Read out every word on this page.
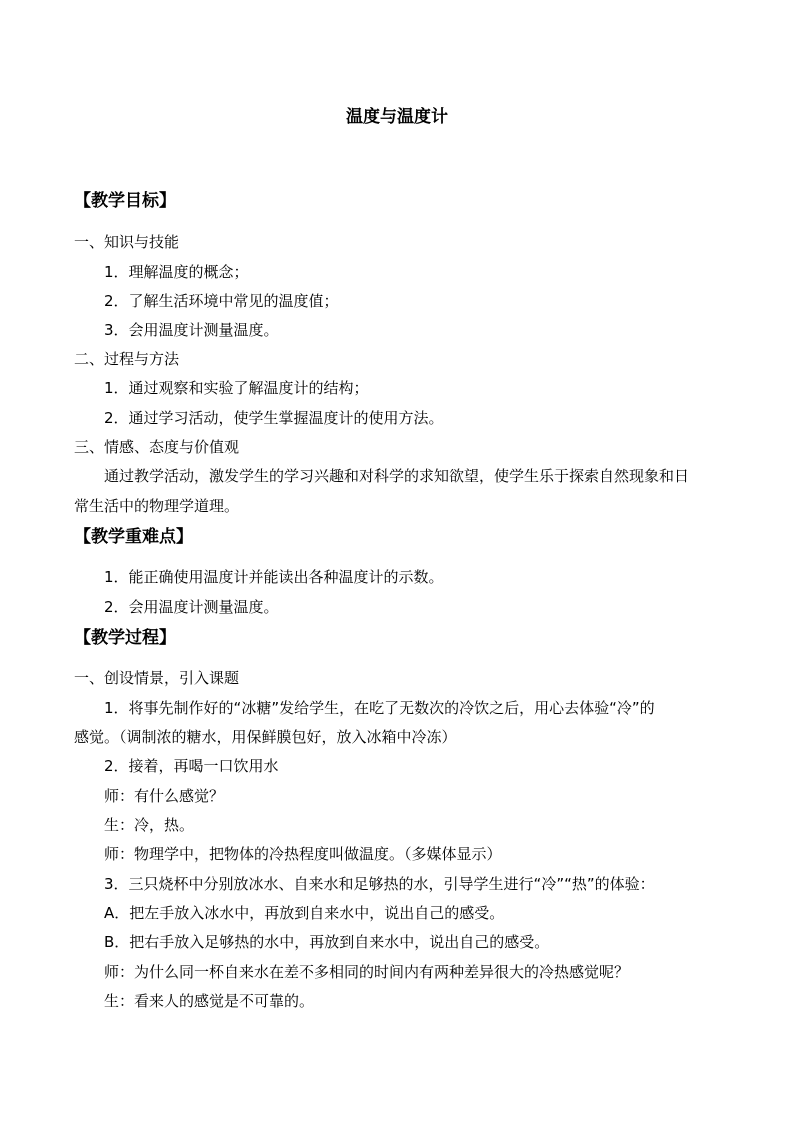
温度与温度计
【教学目标】
一、知识与技能
1．理解温度的概念；
2．了解生活环境中常见的温度值；
3．会用温度计测量温度。
二、过程与方法
1．通过观察和实验了解温度计的结构；
2．通过学习活动，使学生掌握温度计的使用方法。
三、情感、态度与价值观
通过教学活动，激发学生的学习兴趣和对科学的求知欲望，使学生乐于探索自然现象和日
常生活中的物理学道理。
【教学重难点】
1．能正确使用温度计并能读出各种温度计的示数。
2．会用温度计测量温度。
【教学过程】
一、创设情景，引入课题
1．将事先制作好的“冰糖”发给学生，在吃了无数次的冷饮之后，用心去体验“冷”的
感觉。（调制浓的糖水，用保鲜膜包好，放入冰箱中冷冻）
2．接着，再喝一口饮用水
师：有什么感觉？
生：冷，热。
师：物理学中，把物体的冷热程度叫做温度。（多媒体显示）
3．三只烧杯中分别放冰水、自来水和足够热的水，引导学生进行“冷”“热”的体验：
A．把左手放入冰水中，再放到自来水中，说出自己的感受。
B．把右手放入足够热的水中，再放到自来水中，说出自己的感受。
师：为什么同一杯自来水在差不多相同的时间内有两种差异很大的冷热感觉呢？
生：看来人的感觉是不可靠的。
